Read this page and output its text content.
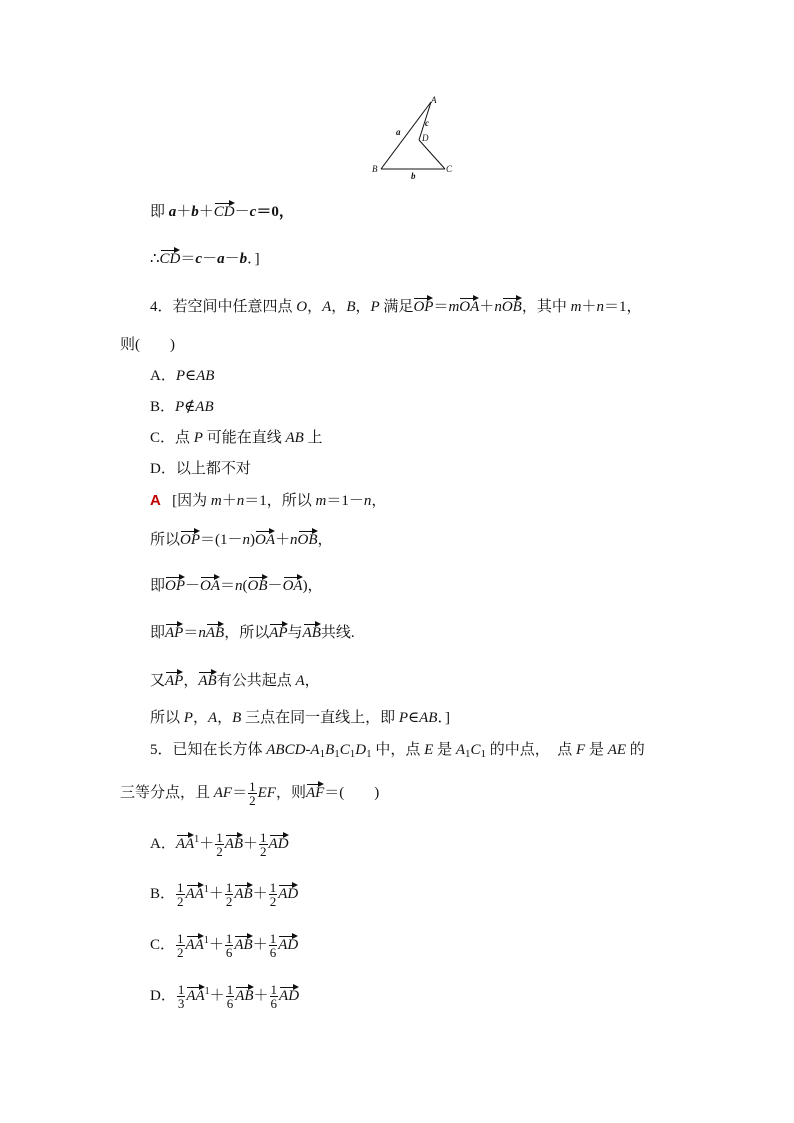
A
B	C
D
a
b
c
即 a＋b＋CD－c＝0，
∴CD＝c－a－b．]
4．若空间中任意四点 O，A，B，P 满足OP＝mOA＋nOB，其中 m＋n＝1，
则(　　)
A．P∈AB
B．P∉AB
C．点 P 可能在直线 AB 上
D．以上都不对
A [因为 m＋n＝1，所以 m＝1－n，
所以OP＝(1－n)OA＋nOB，
即OP－OA＝n(OB－OA)，
即AP＝nAB，所以AP与AB共线.
又AP，AB有公共起点 A，
所以 P，A，B 三点在同一直线上，即 P∈AB．]
5．已知在长方体 ABCD-$A_1B_1C_1D_1$ 中，点 E 是 $A_1C_1$ 的中点，　点 F 是 AE 的
三等分点，且 $AF= \frac{1}{2}$ EF，则AF＝(　　)
A．$AA^1+ \frac{1}{2} AB+ \frac{1}{2}$ AD
B． $\frac{1}{2} AA^1+ \frac{1}{2} AB+ \frac{1}{2}$ AD
C． $\frac{1}{2} AA^1+ \frac{1}{6} AB+ \frac{1}{6}$ AD
D． $\frac{1}{3} AA^1+ \frac{1}{6} AB+ \frac{1}{6}$ AD
